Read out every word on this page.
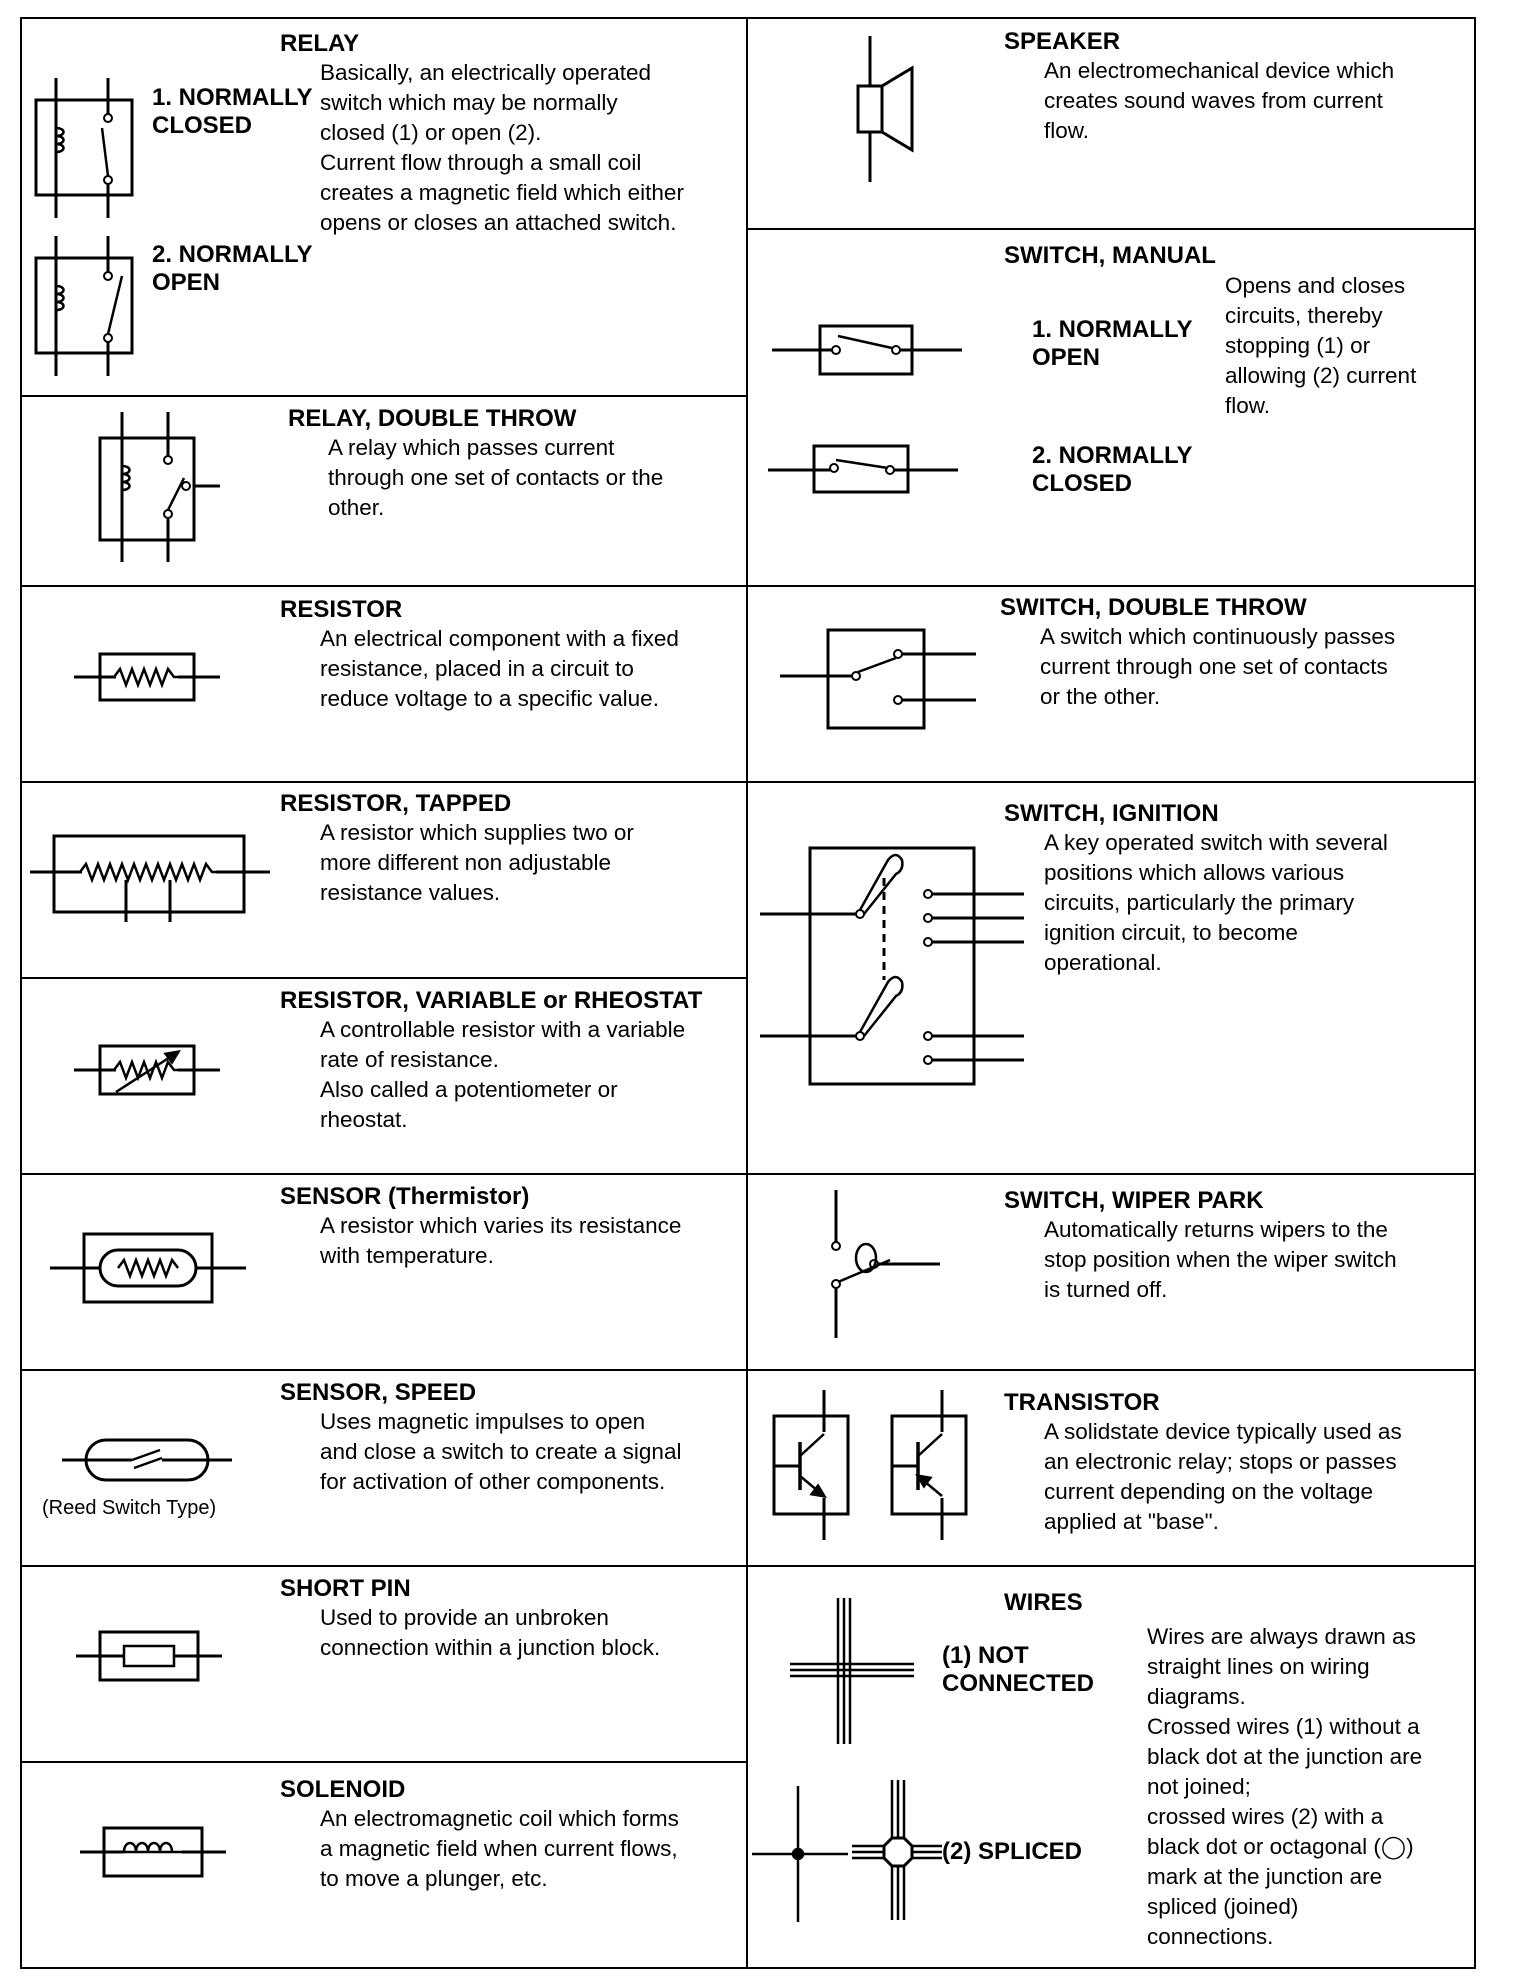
RELAY
Basically, an electrically operated
switch which may be normally
closed (1) or open (2).
Current flow through a small coil
creates a magnetic field which either
opens or closes an attached switch.
1. NORMALLY
CLOSED
2. NORMALLY
OPEN
RELAY, DOUBLE THROW
A relay which passes current
through one set of contacts or the
other.
RESISTOR
An electrical component with a fixed
resistance, placed in a circuit to
reduce voltage to a specific value.
RESISTOR, TAPPED
A resistor which supplies two or
more different non adjustable
resistance values.
RESISTOR, VARIABLE or RHEOSTAT
A controllable resistor with a variable
rate of resistance.
Also called a potentiometer or
rheostat.
SENSOR (Thermistor)
A resistor which varies its resistance
with temperature.
SENSOR, SPEED
Uses magnetic impulses to open
and close a switch to create a signal
for activation of other components.
(Reed Switch Type)
SHORT PIN
Used to provide an unbroken
connection within a junction block.
SOLENOID
An electromagnetic coil which forms
a magnetic field when current flows,
to move a plunger, etc.
SPEAKER
An electromechanical device which
creates sound waves from current
flow.
SWITCH, MANUAL
Opens and closes
circuits, thereby
stopping (1) or
allowing (2) current
flow.
1. NORMALLY
OPEN
2. NORMALLY
CLOSED
SWITCH, DOUBLE THROW
A switch which continuously passes
current through one set of contacts
or the other.
SWITCH, IGNITION
A key operated switch with several
positions which allows various
circuits, particularly the primary
ignition circuit, to become
operational.
SWITCH, WIPER PARK
Automatically returns wipers to the
stop position when the wiper switch
is turned off.
TRANSISTOR
A solidstate device typically used as
an electronic relay; stops or passes
current depending on the voltage
applied at "base".
WIRES
(1) NOT
CONNECTED
(2) SPLICED
Wires are always drawn as
straight lines on wiring
diagrams.
Crossed wires (1) without a
black dot at the junction are
not joined;
crossed wires (2) with a
black dot or octagonal (◯)
mark at the junction are
spliced (joined)
connections.
